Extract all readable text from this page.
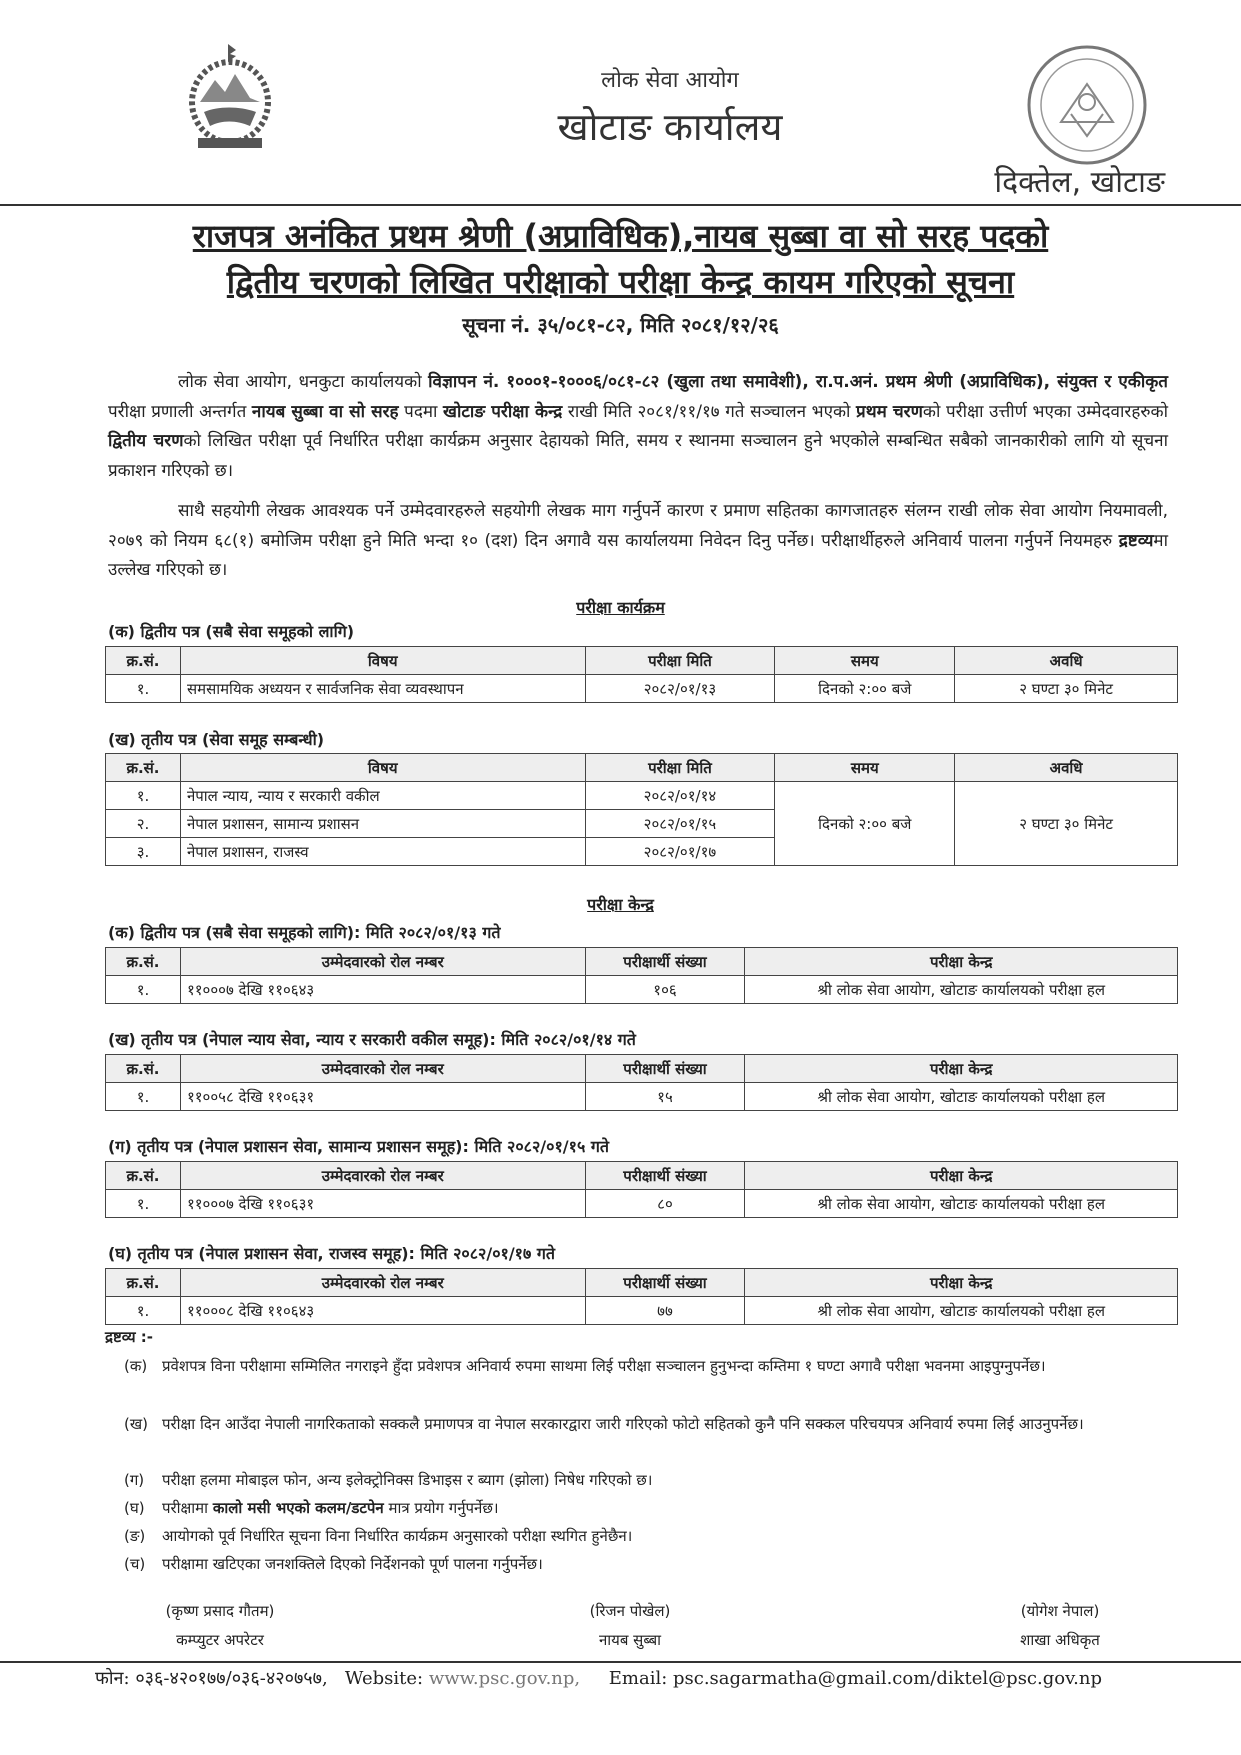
लोक सेवा आयोग
खोटाङ कार्यालय
दिक्तेल, खोटाङ
राजपत्र अनंकित प्रथम श्रेणी (अप्राविधिक),नायब सुब्बा वा सो सरह पदको
द्वितीय चरणको लिखित परीक्षाको परीक्षा केन्द्र कायम गरिएको सूचना
सूचना नं. ३५/०८१-८२, मिति २०८१/१२/२६
लोक सेवा आयोग, धनकुटा कार्यालयको विज्ञापन नं. १०००१-१०००६/०८१-८२ (खुला तथा समावेशी), रा.प.अनं. प्रथम श्रेणी (अप्राविधिक), संयुक्त र एकीकृत परीक्षा प्रणाली अन्तर्गत नायब सुब्बा वा सो सरह पदमा खोटाङ परीक्षा केन्द्र राखी मिति २०८१/११/१७ गते सञ्चालन भएको प्रथम चरणको परीक्षा उत्तीर्ण भएका उम्मेदवारहरुको द्वितीय चरणको लिखित परीक्षा पूर्व निर्धारित परीक्षा कार्यक्रम अनुसार देहायको मिति, समय र स्थानमा सञ्चालन हुने भएकोले सम्बन्धित सबैको जानकारीको लागि यो सूचना प्रकाशन गरिएको छ।
साथै सहयोगी लेखक आवश्यक पर्ने उम्मेदवारहरुले सहयोगी लेखक माग गर्नुपर्ने कारण र प्रमाण सहितका कागजातहरु संलग्न राखी लोक सेवा आयोग नियमावली, २०७९ को नियम ६८(१) बमोजिम परीक्षा हुने मिति भन्दा १० (दश) दिन अगावै यस कार्यालयमा निवेदन दिनु पर्नेछ। परीक्षार्थीहरुले अनिवार्य पालना गर्नुपर्ने नियमहरु द्रष्टव्यमा उल्लेख गरिएको छ।
परीक्षा कार्यक्रम
(क) द्वितीय पत्र (सबै सेवा समूहको लागि)
क्र.सं.	विषय	परीक्षा मिति	समय	अवधि
१.	समसामयिक अध्ययन र सार्वजनिक सेवा व्यवस्थापन	२०८२/०१/१३	दिनको २:०० बजे	२ घण्टा ३० मिनेट
(ख) तृतीय पत्र (सेवा समूह सम्बन्धी)
क्र.सं.	विषय	परीक्षा मिति	समय	अवधि
१.	नेपाल न्याय, न्याय र सरकारी वकील	२०८२/०१/१४	दिनको २:०० बजे	२ घण्टा ३० मिनेट
२.	नेपाल प्रशासन, सामान्य प्रशासन	२०८२/०१/१५		
३.	नेपाल प्रशासन, राजस्व	२०८२/०१/१७		
परीक्षा केन्द्र
(क) द्वितीय पत्र (सबै सेवा समूहको लागि): मिति २०८२/०१/१३ गते
क्र.सं.	उम्मेदवारको रोल नम्बर	परीक्षार्थी संख्या	परीक्षा केन्द्र
१.	११०००७ देखि ११०६४३	१०६	श्री लोक सेवा आयोग, खोटाङ कार्यालयको परीक्षा हल
(ख) तृतीय पत्र (नेपाल न्याय सेवा, न्याय र सरकारी वकील समूह): मिति २०८२/०१/१४ गते
क्र.सं.	उम्मेदवारको रोल नम्बर	परीक्षार्थी संख्या	परीक्षा केन्द्र
१.	११००५८ देखि ११०६३१	१५	श्री लोक सेवा आयोग, खोटाङ कार्यालयको परीक्षा हल
(ग) तृतीय पत्र (नेपाल प्रशासन सेवा, सामान्य प्रशासन समूह): मिति २०८२/०१/१५ गते
क्र.सं.	उम्मेदवारको रोल नम्बर	परीक्षार्थी संख्या	परीक्षा केन्द्र
१.	११०००७ देखि ११०६३१	८०	श्री लोक सेवा आयोग, खोटाङ कार्यालयको परीक्षा हल
(घ) तृतीय पत्र (नेपाल प्रशासन सेवा, राजस्व समूह): मिति २०८२/०१/१७ गते
क्र.सं.	उम्मेदवारको रोल नम्बर	परीक्षार्थी संख्या	परीक्षा केन्द्र
१.	११०००८ देखि ११०६४३	७७	श्री लोक सेवा आयोग, खोटाङ कार्यालयको परीक्षा हल
द्रष्टव्य :-
(क) प्रवेशपत्र विना परीक्षामा सम्मिलित नगराइने हुँदा प्रवेशपत्र अनिवार्य रुपमा साथमा लिई परीक्षा सञ्चालन हुनुभन्दा कम्तिमा १ घण्टा अगावै परीक्षा भवनमा आइपुग्नुपर्नेछ।
(ख) परीक्षा दिन आउँदा नेपाली नागरिकताको सक्कलै प्रमाणपत्र वा नेपाल सरकारद्वारा जारी गरिएको फोटो सहितको कुनै पनि सक्कल परिचयपत्र अनिवार्य रुपमा लिई आउनुपर्नेछ।
(ग) परीक्षा हलमा मोबाइल फोन, अन्य इलेक्ट्रोनिक्स डिभाइस र ब्याग (झोला) निषेध गरिएको छ।
(घ) परीक्षामा कालो मसी भएको कलम/डटपेन मात्र प्रयोग गर्नुपर्नेछ।
(ङ) आयोगको पूर्व निर्धारित सूचना विना निर्धारित कार्यक्रम अनुसारको परीक्षा स्थगित हुनेछैन।
(च) परीक्षामा खटिएका जनशक्तिले दिएको निर्देशनको पूर्ण पालना गर्नुपर्नेछ।
(कृष्ण प्रसाद गौतम)
कम्प्युटर अपरेटर
(रिजन पोखेल)
नायब सुब्बा
(योगेश नेपाल)
शाखा अधिकृत
फोन: ०३६-४२०१७७/०३६-४२०७५७, Website: www.psc.gov.np, Email: psc.sagarmatha@gmail.com/diktel@psc.gov.np
